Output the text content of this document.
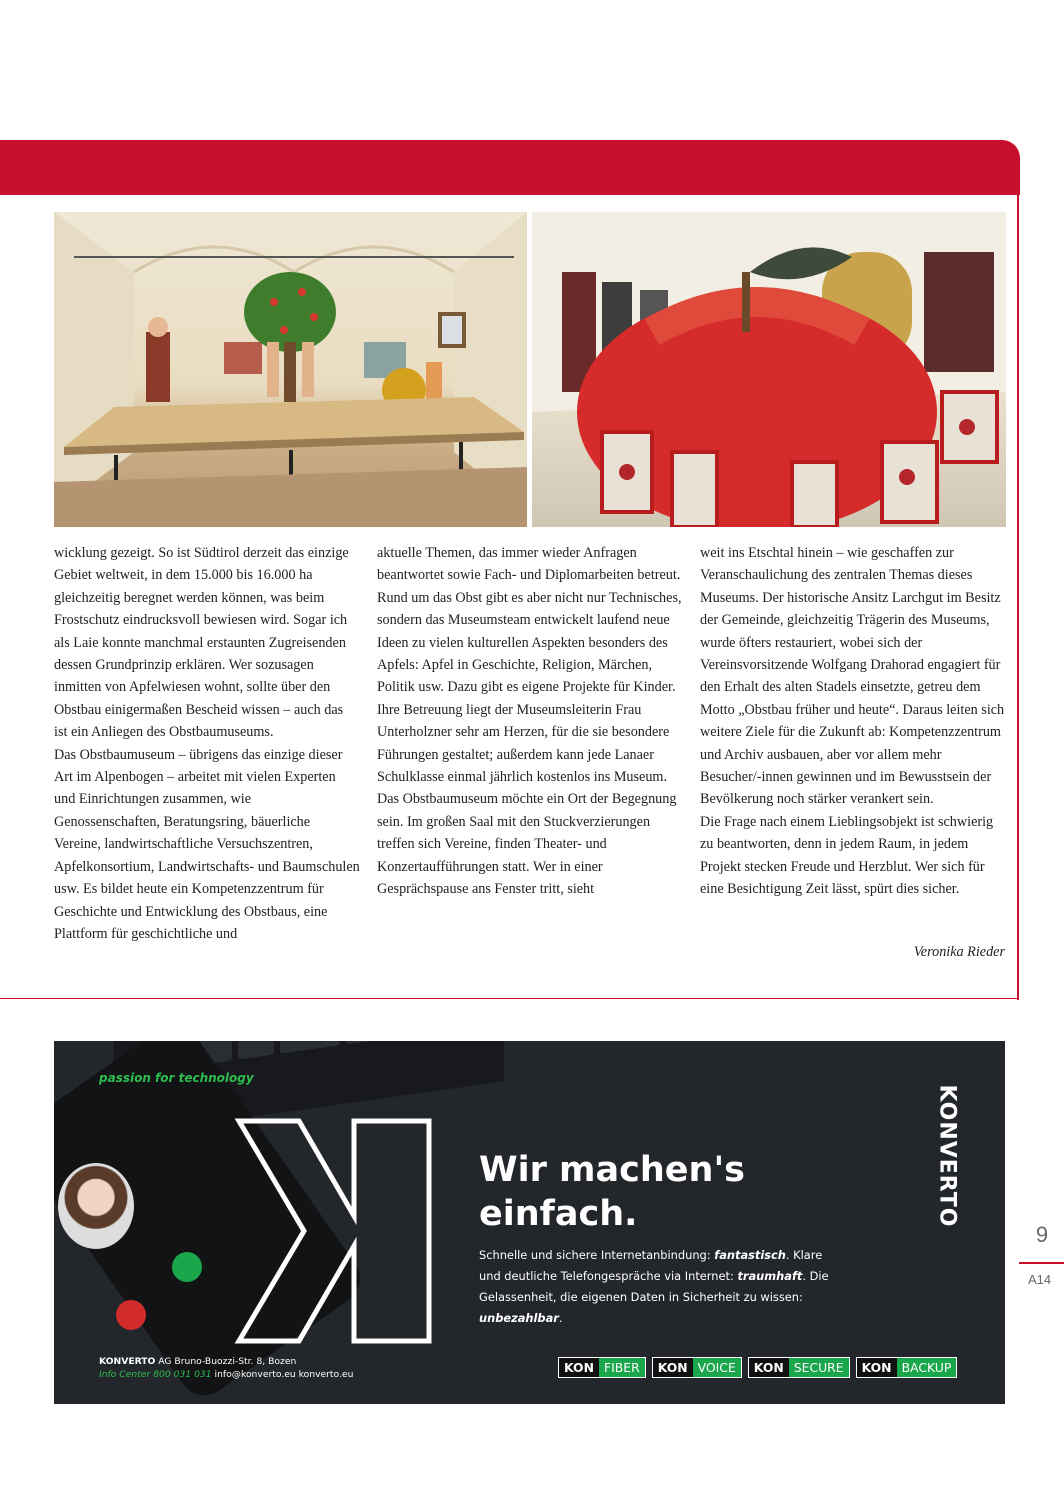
wicklung gezeigt. So ist Südtirol derzeit das einzige Gebiet weltweit, in dem 15.000 bis 16.000 ha gleichzeitig beregnet werden können, was beim Frostschutz eindrucksvoll bewiesen wird. Sogar ich als Laie konnte manchmal erstaunten Zugreisenden dessen Grundprinzip erklären. Wer sozusagen inmitten von Apfelwiesen wohnt, sollte über den Obstbau einigermaßen Bescheid wissen – auch das ist ein Anliegen des Obstbaumuseums.

Das Obstbaumuseum – übrigens das einzige dieser Art im Alpenbogen – arbeitet mit vielen Experten und Einrichtungen zusammen, wie Genossenschaften, Beratungsring, bäuerliche Vereine, landwirtschaftliche Versuchszentren, Apfelkonsortium, Landwirtschafts- und Baumschulen usw. Es bildet heute ein Kompetenzzentrum für Geschichte und Entwicklung des Obstbaus, eine Plattform für geschichtliche und

aktuelle Themen, das immer wieder Anfragen beantwortet sowie Fach- und Diplomarbeiten betreut.

Rund um das Obst gibt es aber nicht nur Technisches, sondern das Museumsteam entwickelt laufend neue Ideen zu vielen kulturellen Aspekten besonders des Apfels: Apfel in Geschichte, Religion, Märchen, Politik usw. Dazu gibt es eigene Projekte für Kinder. Ihre Betreuung liegt der Museumsleiterin Frau Unterholzner sehr am Herzen, für die sie besondere Führungen gestaltet; außerdem kann jede Lanaer Schulklasse einmal jährlich kostenlos ins Museum.

Das Obstbaumuseum möchte ein Ort der Begegnung sein. Im großen Saal mit den Stuckverzierungen treffen sich Vereine, finden Theater- und Konzertaufführungen statt. Wer in einer Gesprächspause ans Fenster tritt, sieht

weit ins Etschtal hinein – wie geschaffen zur Veranschaulichung des zentralen Themas dieses Museums. Der historische Ansitz Larchgut im Besitz der Gemeinde, gleichzeitig Trägerin des Museums, wurde öfters restauriert, wobei sich der Vereinsvorsitzende Wolfgang Drahorad engagiert für den Erhalt des alten Stadels einsetzte, getreu dem Motto „Obstbau früher und heute“. Daraus leiten sich weitere Ziele für die Zukunft ab: Kompetenzzentrum und Archiv ausbauen, aber vor allem mehr Besucher/-innen gewinnen und im Bewusstsein der Bevölkerung noch stärker verankert sein.

Die Frage nach einem Lieblingsobjekt ist schwierig zu beantworten, denn in jedem Raum, in jedem Projekt stecken Freude und Herzblut. Wer sich für eine Besichtigung Zeit lässt, spürt dies sicher.

Veronika Rieder
passion for technology
Wir machen's
einfach.
Schnelle und sichere Internetanbindung: fantastisch. Klare und deutliche Telefongespräche via Internet: traumhaft. Die Gelassenheit, die eigenen Daten in Sicherheit zu wissen: unbezahlbar.
KONVERTO
KONVERTO AG Bruno-Buozzi-Str. 8, Bozen
Info Center 800 031 031 info@konverto.eu konverto.eu	KON FIBER	KON VOICE	KON SECURE	KON BACKUP
9
A14
